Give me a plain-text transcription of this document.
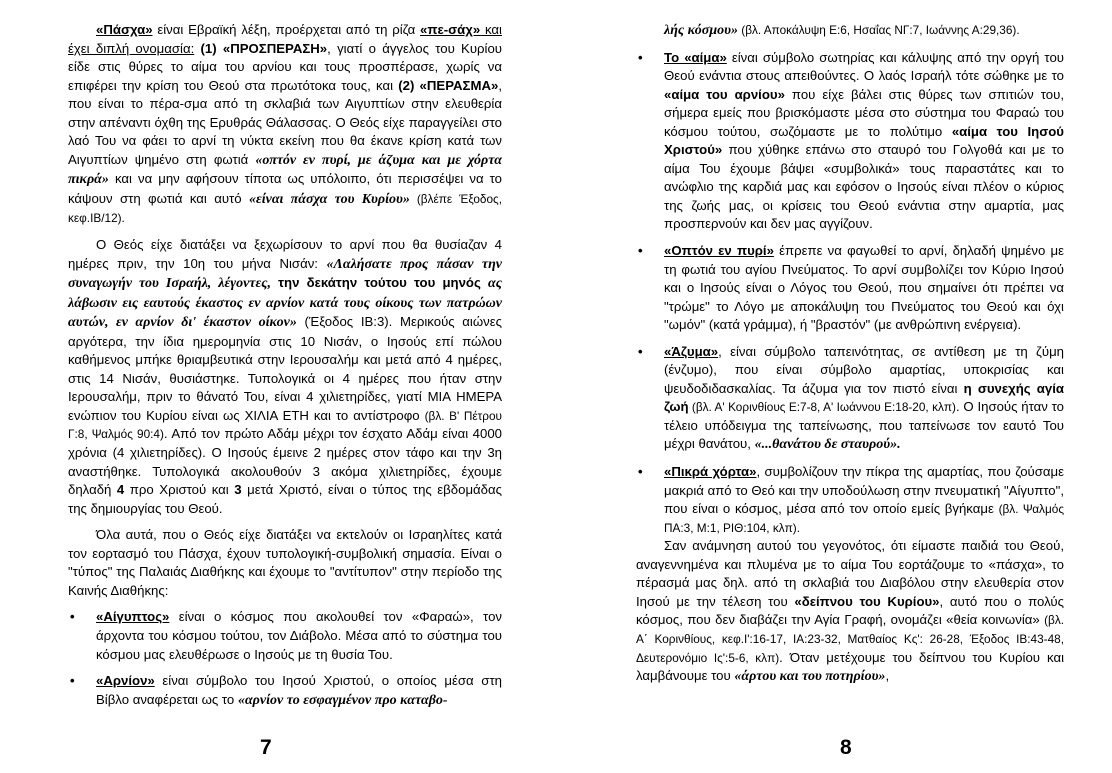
«Πάσχα» είναι Εβραϊκή λέξη, προέρχεται από τη ρίζα «πε-σάχ» και έχει διπλή ονομασία: (1) «ΠΡΟΣΠΕΡΑΣΗ», γιατί ο άγγελος του Κυρίου είδε στις θύρες το αίμα του αρνίου και τους προσπέρασε, χωρίς να επιφέρει την κρίση του Θεού στα πρωτότοκα τους, και (2) «ΠΕΡΑΣΜΑ», που είναι το πέρα-σμα από τη σκλαβιά των Αιγυπτίων στην ελευθερία στην απέναντι όχθη της Ερυθράς Θάλασσας. Ο Θεός είχε παραγγείλει στο λαό Του να φάει το αρνί τη νύκτα εκείνη που θα έκανε κρίση κατά των Αιγυπτίων ψημένο στη φωτιά «οπτόν εν πυρί, με άζυμα και με χόρτα πικρά» και να μην αφήσουν τίποτα ως υπόλοιπο, ότι περισσέψει να το κάψουν στη φωτιά και αυτό «είναι πάσχα του Κυρίου» (βλέπε Έξοδος, κεφ.ΙΒ/12).

Ο Θεός είχε διατάξει να ξεχωρίσουν το αρνί που θα θυσίαζαν 4 ημέρες πριν, την 10η του μήνα Νισάν: «Λαλήσατε προς πάσαν την συναγωγήν του Ισραήλ, λέγοντες, την δεκάτην τούτου του μηνός ας λάβωσιν εις εαυτούς έκαστος εν αρνίον κατά τους οίκους των πατρώων αυτών, εν αρνίον δι' έκαστον οίκον» (Έξοδος ΙΒ:3). Μερικούς αιώνες αργότερα, την ίδια ημερομηνία στις 10 Νισάν, ο Ιησούς επί πώλου καθήμενος μπήκε θριαμβευτικά στην Ιερουσαλήμ και μετά από 4 ημέρες, στις 14 Νισάν, θυσιάστηκε. Τυπολογικά οι 4 ημέρες που ήταν στην Ιερουσαλήμ, πριν το θάνατό Του, είναι 4 χιλιετηρίδες, γιατί ΜΙΑ ΗΜΕΡΑ ενώπιον του Κυρίου είναι ως ΧΙΛΙΑ ΕΤΗ και το αντίστροφο (βλ. Β' Πέτρου Γ:8, Ψαλμός 90:4). Από τον πρώτο Αδάμ μέχρι τον έσχατο Αδάμ είναι 4000 χρόνια (4 χιλιετηρίδες). Ο Ιησούς έμεινε 2 ημέρες στον τάφο και την 3η αναστήθηκε. Τυπολογικά ακολουθούν 3 ακόμα χιλιετηρίδες, έχουμε δηλαδή 4 προ Χριστού και 3 μετά Χριστό, είναι ο τύπος της εβδομάδας της δημιουργίας του Θεού.

Όλα αυτά, που ο Θεός είχε διατάξει να εκτελούν οι Ισραηλίτες κατά τον εορτασμό του Πάσχα, έχουν τυπολογική-συμβολική σημασία. Είναι ο "τύπος" της Παλαιάς Διαθήκης και έχουμε το "αντίτυπον" στην περίοδο της Καινής Διαθήκης:

• «Αίγυπτος» είναι ο κόσμος που ακολουθεί τον «Φαραώ», τον άρχοντα του κόσμου τούτου, τον Διάβολο. Μέσα από το σύστημα του κόσμου μας ελευθέρωσε ο Ιησούς με τη θυσία Του.

• «Αρνίον» είναι σύμβολο του Ιησού Χριστού, ο οποίος μέσα στη Βίβλο αναφέρεται ως το «αρνίον το εσφαγμένον προ καταβο-

7

λής κόσμου» (βλ. Αποκάλυψη Ε:6, Ησαΐας ΝΓ:7, Ιωάννης Α:29,36).

• Το «αίμα» είναι σύμβολο σωτηρίας και κάλυψης από την οργή του Θεού ενάντια στους απειθούντες. Ο λαός Ισραήλ τότε σώθηκε με το «αίμα του αρνίου» που είχε βάλει στις θύρες των σπιτιών του, σήμερα εμείς που βρισκόμαστε μέσα στο σύστημα του Φαραώ του κόσμου τούτου, σωζόμαστε με το πολύτιμο «αίμα του Ιησού Χριστού» που χύθηκε επάνω στο σταυρό του Γολγοθά και με το αίμα Του έχουμε βάψει «συμβολικά» τους παραστάτες και το ανώφλιο της καρδιά μας και εφόσον ο Ιησούς είναι πλέον ο κύριος της ζωής μας, οι κρίσεις του Θεού ενάντια στην αμαρτία, μας προσπερνούν και δεν μας αγγίζουν.

• «Οπτόν εν πυρί» έπρεπε να φαγωθεί το αρνί, δηλαδή ψημένο με τη φωτιά του αγίου Πνεύματος. Το αρνί συμβολίζει τον Κύριο Ιησού και ο Ιησούς είναι ο Λόγος του Θεού, που σημαίνει ότι πρέπει να "τρώμε" το Λόγο με αποκάλυψη του Πνεύματος του Θεού και όχι "ωμόν" (κατά γράμμα), ή "βραστόν" (με ανθρώπινη ενέργεια).

• «Άζυμα», είναι σύμβολο ταπεινότητας, σε αντίθεση με τη ζύμη (ένζυμο), που είναι σύμβολο αμαρτίας, υποκρισίας και ψευδοδιδασκαλίας. Τα άζυμα για τον πιστό είναι η συνεχής αγία ζωή (βλ. Α' Κορινθίους Ε:7-8, Α' Ιωάννου Ε:18-20, κλπ). Ο Ιησούς ήταν το τέλειο υπόδειγμα της ταπείνωσης, που ταπείνωσε τον εαυτό Του μέχρι θανάτου, «...θανάτου δε σταυρού».

• «Πικρά χόρτα», συμβολίζουν την πίκρα της αμαρτίας, που ζούσαμε μακριά από το Θεό και την υποδούλωση στην πνευματική "Αίγυπτο", που είναι ο κόσμος, μέσα από τον οποίο εμείς βγήκαμε (βλ. Ψαλμός ΠΑ:3, Μ:1, ΡΙΘ:104, κλπ).

Σαν ανάμνηση αυτού του γεγονότος, ότι είμαστε παιδιά του Θεού, αναγεννημένα και πλυμένα με το αίμα Του εορτάζουμε το «πάσχα», το πέρασμά μας δηλ. από τη σκλαβιά του Διαβόλου στην ελευθερία στον Ιησού με την τέλεση του «δείπνου του Κυρίου», αυτό που ο πολύς κόσμος, που δεν διαβάζει την Αγία Γραφή, ονομάζει «θεία κοινωνία» (βλ. Α΄ Κορινθίους, κεφ.Ι':16-17, ΙΑ:23-32, Ματθαίος Κς': 26-28, Έξοδος ΙΒ:43-48, Δευτερονόμιο Ις':5-6, κλπ). Όταν μετέχουμε του δείπνου του Κυρίου και λαμβάνουμε του «άρτου και του ποτηρίου»,

8
